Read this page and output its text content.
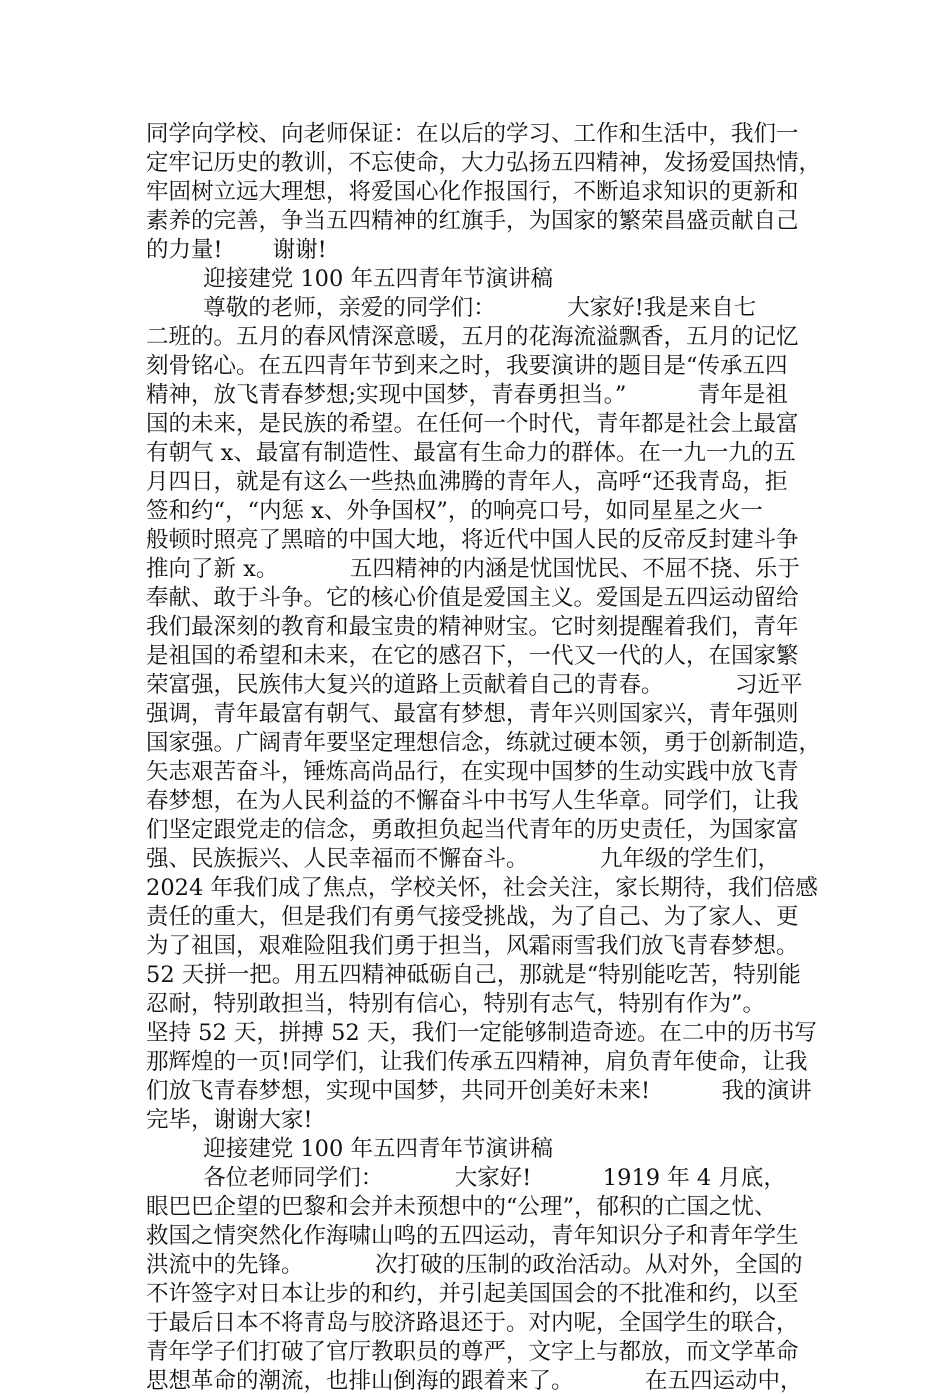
同学向学校、向老师保证：在以后的学习、工作和生活中，我们一
定牢记历史的教训，不忘使命，大力弘扬五四精神，发扬爱国热情，
牢固树立远大理想，将爱国心化作报国行，不断追求知识的更新和
素养的完善，争当五四精神的红旗手，为国家的繁荣昌盛贡献自己
的力量!       谢谢!
迎接建党 100 年五四青年节演讲稿
尊敬的老师，亲爱的同学们：          大家好!我是来自七
二班的。五月的春风情深意暖，五月的花海流溢飘香，五月的记忆
刻骨铭心。在五四青年节到来之时，我要演讲的题目是“传承五四
精神，放飞青春梦想;实现中国梦，青春勇担当。”          青年是祖
国的未来，是民族的希望。在任何一个时代，青年都是社会上最富
有朝气 x、最富有制造性、最富有生命力的群体。在一九一九的五
月四日，就是有这么一些热血沸腾的青年人，高呼“还我青岛，拒
签和约“，“内惩 x、外争国权”，的响亮口号，如同星星之火一
般顿时照亮了黑暗的中国大地，将近代中国人民的反帝反封建斗争
推向了新 x。          五四精神的内涵是忧国忧民、不屈不挠、乐于
奉献、敢于斗争。它的核心价值是爱国主义。爱国是五四运动留给
我们最深刻的教育和最宝贵的精神财宝。它时刻提醒着我们，青年
是祖国的希望和未来，在它的感召下，一代又一代的人，在国家繁
荣富强，民族伟大复兴的道路上贡献着自己的青春。          习近平
强调，青年最富有朝气、最富有梦想，青年兴则国家兴，青年强则
国家强。广阔青年要坚定理想信念，练就过硬本领，勇于创新制造，
矢志艰苦奋斗，锤炼高尚品行，在实现中国梦的生动实践中放飞青
春梦想，在为人民利益的不懈奋斗中书写人生华章。同学们，让我
们坚定跟党走的信念，勇敢担负起当代青年的历史责任，为国家富
强、民族振兴、人民幸福而不懈奋斗。          九年级的学生们，
2024 年我们成了焦点，学校关怀，社会关注，家长期待，我们倍感
责任的重大，但是我们有勇气接受挑战，为了自己、为了家人、更
为了祖国，艰难险阻我们勇于担当，风霜雨雪我们放飞青春梦想。
52 天拼一把。用五四精神砥砺自己，那就是“特别能吃苦，特别能
忍耐，特别敢担当，特别有信心，特别有志气，特别有作为”。
坚持 52 天，拼搏 52 天，我们一定能够制造奇迹。在二中的历书写
那辉煌的一页!同学们，让我们传承五四精神，肩负青年使命，让我
们放飞青春梦想，实现中国梦，共同开创美好未来!          我的演讲
完毕，谢谢大家!
迎接建党 100 年五四青年节演讲稿
各位老师同学们：          大家好!          1919 年 4 月底，
眼巴巴企望的巴黎和会并未预想中的“公理”，郁积的亡国之忧、
救国之情突然化作海啸山鸣的五四运动，青年知识分子和青年学生
洪流中的先锋。          次打破的压制的政治活动。从对外，全国的
不许签字对日本让步的和约，并引起美国国会的不批准和约，以至
于最后日本不将青岛与胶济路退还于。对内呢，全国学生的联合，
青年学子们打破了官厅教职员的尊严，文字上与都放，而文学革命
思想革命的潮流，也排山倒海的跟着来了。          在五四运动中，
